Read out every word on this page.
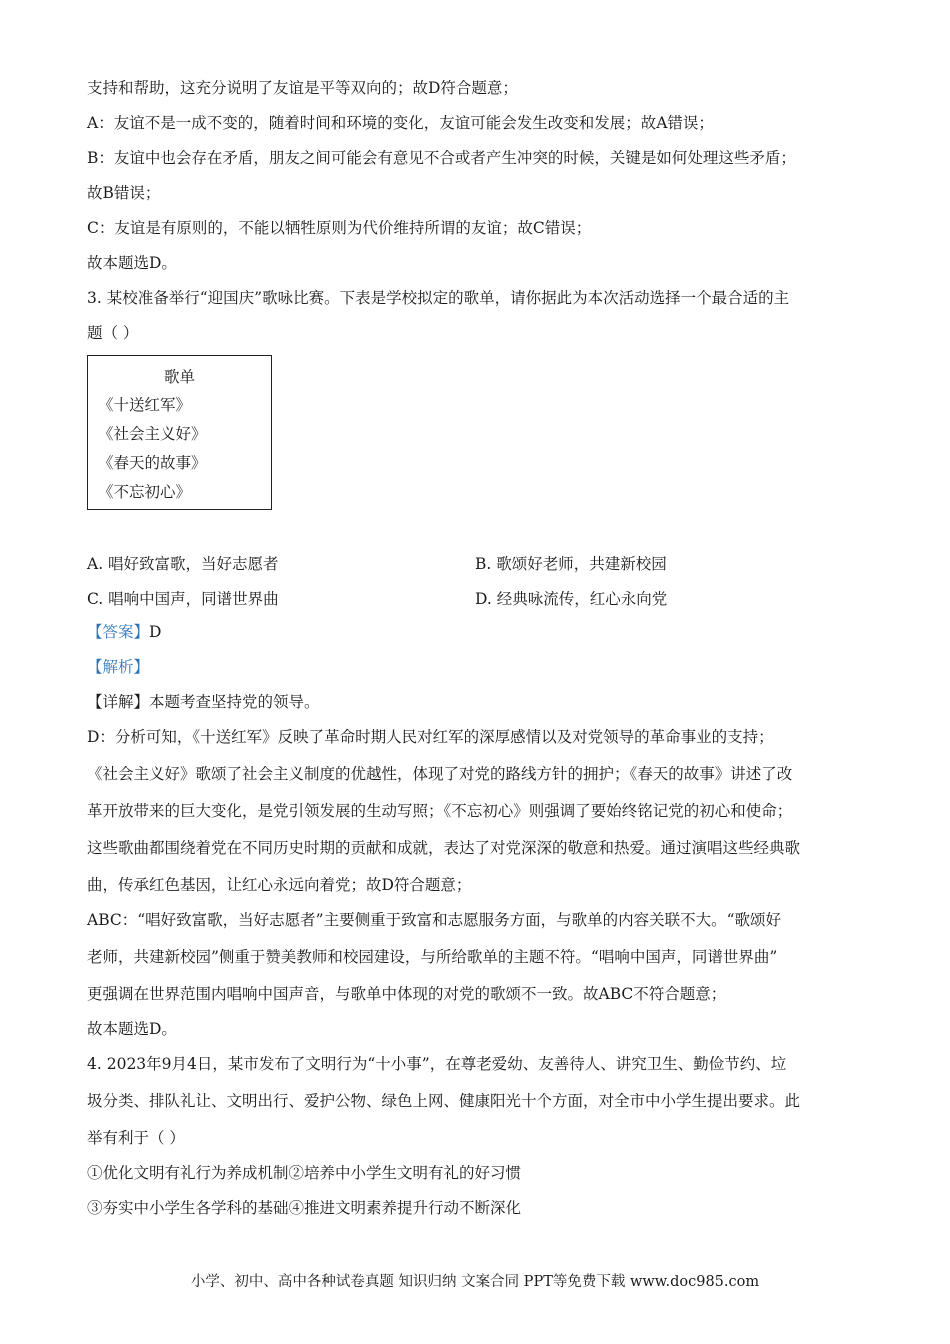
支持和帮助，这充分说明了友谊是平等双向的；故D符合题意；
A：友谊不是一成不变的，随着时间和环境的变化，友谊可能会发生改变和发展；故A错误；
B：友谊中也会存在矛盾，朋友之间可能会有意见不合或者产生冲突的时候，关键是如何处理这些矛盾；
故B错误；
C：友谊是有原则的，不能以牺牲原则为代价维持所谓的友谊；故C错误；
故本题选D。
3. 某校准备举行“迎国庆”歌咏比赛。下表是学校拟定的歌单，请你据此为本次活动选择一个最合适的主
题（ ）
歌单
《十送红军》
《社会主义好》
《春天的故事》
《不忘初心》
A. 唱好致富歌，当好志愿者	B. 歌颂好老师，共建新校园
C. 唱响中国声，同谱世界曲	D. 经典咏流传，红心永向党
【答案】D
【解析】
【详解】本题考查坚持党的领导。
D：分析可知，《十送红军》反映了革命时期人民对红军的深厚感情以及对党领导的革命事业的支持；
《社会主义好》歌颂了社会主义制度的优越性，体现了对党的路线方针的拥护；《春天的故事》讲述了改
革开放带来的巨大变化，是党引领发展的生动写照；《不忘初心》则强调了要始终铭记党的初心和使命；
这些歌曲都围绕着党在不同历史时期的贡献和成就，表达了对党深深的敬意和热爱。通过演唱这些经典歌
曲，传承红色基因，让红心永远向着党；故D符合题意；
ABC：“唱好致富歌，当好志愿者”主要侧重于致富和志愿服务方面，与歌单的内容关联不大。“歌颂好
老师，共建新校园”侧重于赞美教师和校园建设，与所给歌单的主题不符。“唱响中国声，同谱世界曲”
更强调在世界范围内唱响中国声音，与歌单中体现的对党的歌颂不一致。故ABC不符合题意；
故本题选D。
4. 2023年9月4日，某市发布了文明行为“十小事”，在尊老爱幼、友善待人、讲究卫生、勤俭节约、垃
圾分类、排队礼让、文明出行、爱护公物、绿色上网、健康阳光十个方面，对全市中小学生提出要求。此
举有利于（ ）
①优化文明有礼行为养成机制②培养中小学生文明有礼的好习惯
③夯实中小学生各学科的基础④推进文明素养提升行动不断深化
小学、初中、高中各种试卷真题 知识归纳 文案合同 PPT等免费下载 www.doc985.com
